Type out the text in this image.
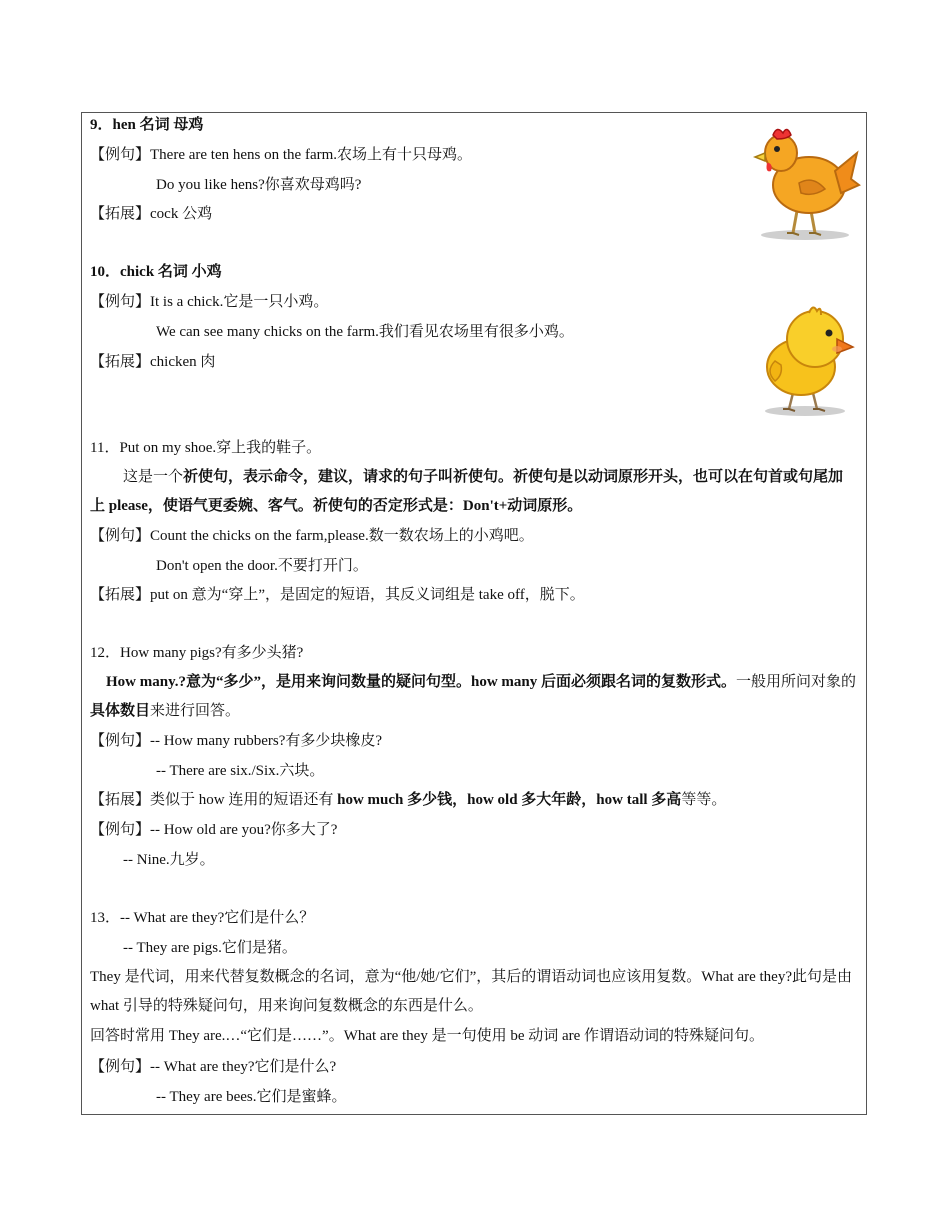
9．hen 名词 母鸡
【例句】There are ten hens on the farm.农场上有十只母鸡。
Do you like hens?你喜欢母鸡吗?
【拓展】cock 公鸡
10．chick 名词 小鸡
【例句】It is a chick.它是一只小鸡。
We can see many chicks on the farm.我们看见农场里有很多小鸡。
【拓展】chicken 肉
11．Put on my shoe.穿上我的鞋子。
这是一个祈使句，表示命令，建议，请求的句子叫祈使句。祈使句是以动词原形开头，也可以在句首或句尾加上 please，使语气更委婉、客气。祈使句的否定形式是：Don't+动词原形。
【例句】Count the chicks on the farm,please.数一数农场上的小鸡吧。
Don't open the door.不要打开门。
【拓展】put on 意为“穿上”，是固定的短语，其反义词组是 take off，脱下。
12．How many pigs?有多少头猪?
How many.?意为“多少”，是用来询问数量的疑问句型。how many 后面必须跟名词的复数形式。一般用所问对象的具体数目来进行回答。
【例句】-- How many rubbers?有多少块橡皮?
-- There are six./Six.六块。
【拓展】类似于 how 连用的短语还有 how much 多少钱，how old 多大年龄，how tall 多高等等。
【例句】-- How old are you?你多大了?
-- Nine.九岁。
13．-- What are they?它们是什么？
-- They are pigs.它们是猪。
They 是代词，用来代替复数概念的名词，意为“他/她/它们”，其后的谓语动词也应该用复数。What are they?此句是由 what 引导的特殊疑问句，用来询问复数概念的东西是什么。
回答时常用 They are.…“它们是……”。What are they 是一句使用 be 动词 are 作谓语动词的特殊疑问句。
【例句】-- What are they?它们是什么?
-- They are bees.它们是蜜蜂。
